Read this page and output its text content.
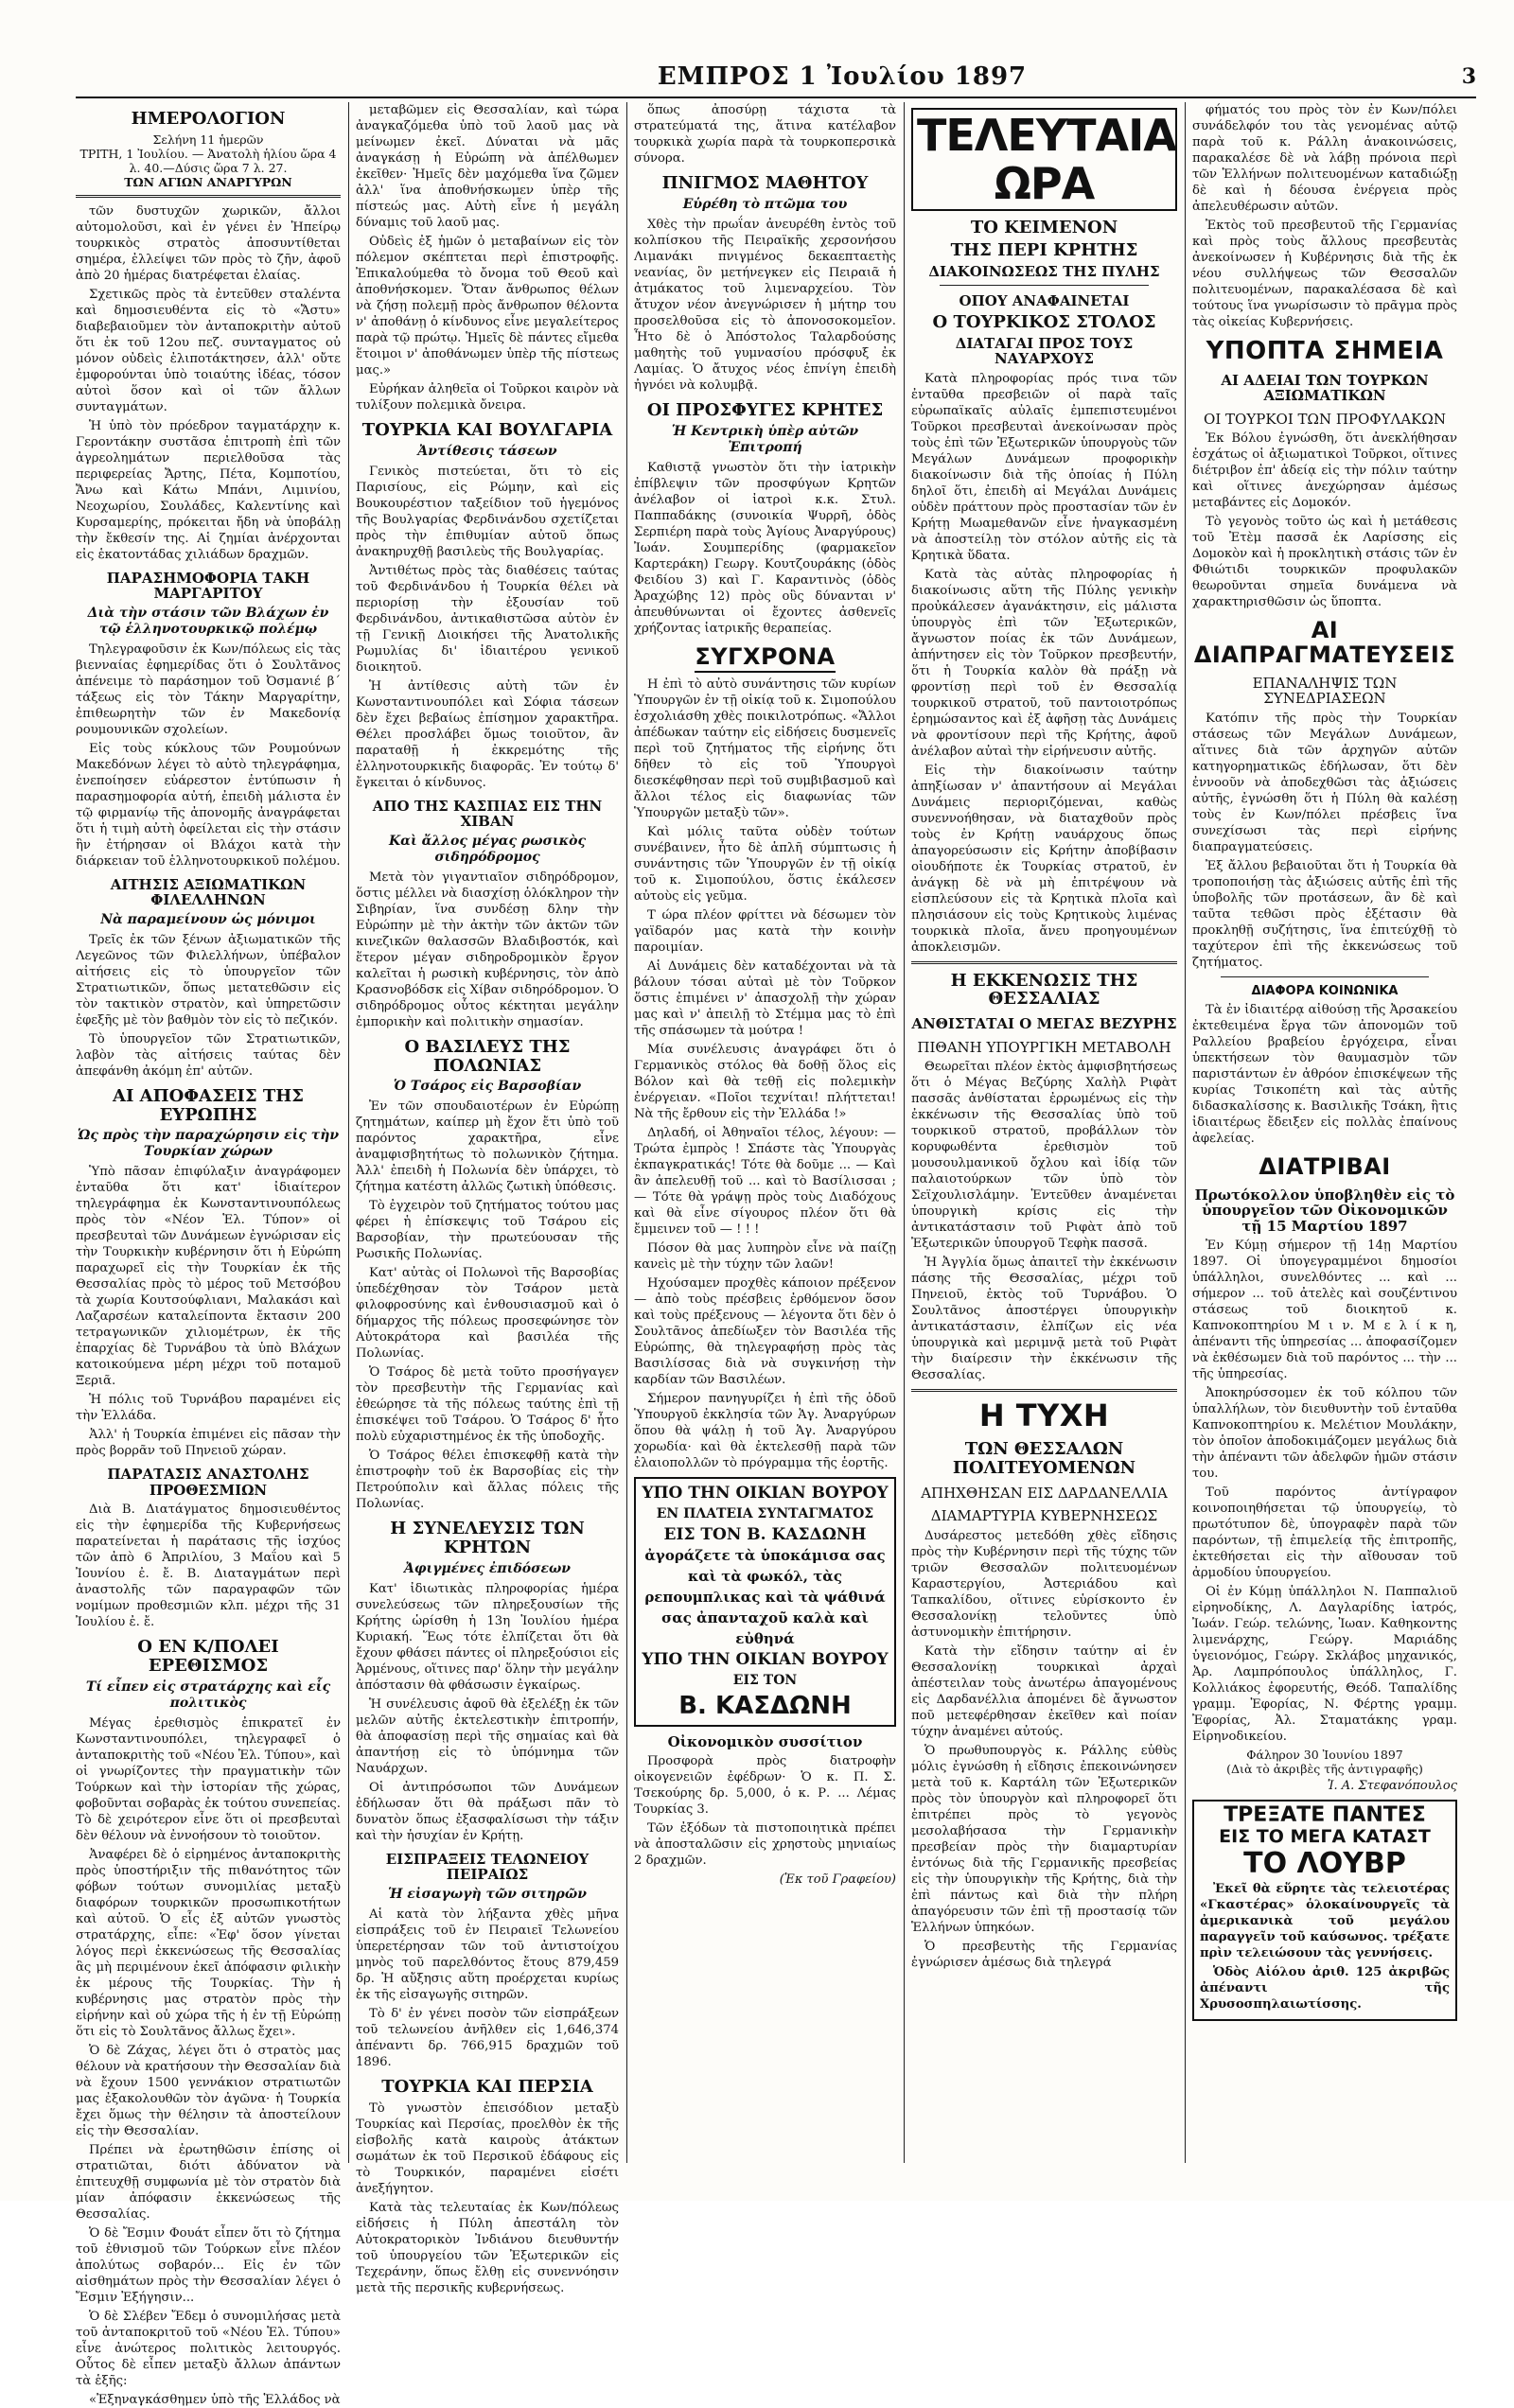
ΕΜΠΡΟΣ 1 Ἰουλίου 1897	3
ΗΜΕΡΟΛΟΓΙΟΝ
Σελήνη 11 ἡμερῶν
ΤΡΙΤΗ, 1 Ἰουλίου. — Ἀνατολὴ ἡλίου ὥρα 4 λ. 40.—Δύσις ὥρα 7 λ. 27.
ΤΩΝ ΑΓΙΩΝ ΑΝΑΡΓΥΡΩΝ

τῶν δυστυχῶν χωρικῶν, ἄλλοι αὐτομολοῦσι, καὶ ἐν γένει ἐν Ἠπείρῳ τουρκικὸς στρατὸς ἀποσυντίθεται σημέρα, ἐλλείψει τῶν πρὸς τὸ ζῆν, ἀφοῦ ἀπὸ 20 ἡμέρας διατρέφεται ἐλαίας.

Σχετικῶς πρὸς τὰ ἐντεῦθεν σταλέντα καὶ δημοσιευθέντα εἰς τὸ «Ἄστυ» διαβεβαιοῦμεν τὸν ἀνταποκριτὴν αὐτοῦ ὅτι ἐκ τοῦ 12ου πεζ. συνταγματος οὐ μόνον οὐδεὶς ἐλιποτάκτησεν, ἀλλ' οὔτε ἐμφορούνται ὑπὸ τοιαύτης ἰδέας, τόσον αὐτοὶ ὅσον καὶ οἱ τῶν ἄλλων συνταγμάτων.

Ἡ ὑπὸ τὸν πρόεδρον ταγματάρχην κ. Γεροντάκην συστᾶσα ἐπιτροπὴ ἐπὶ τῶν ἀγρεολημάτων περιελθοῦσα τὰς περιφερείας Ἄρτης, Πέτα, Κομποτίου, Ἄνω καὶ Κάτω Μπάνι, Λιμινίου, Νεοχωρίου, Σουλάδες, Καλεντίνης καὶ Κυρσαμερίης, πρόκειται ἤδη νὰ ὑποβάλῃ τὴν ἔκθεσίν της. Αἱ ζημίαι ἀνέρχονται εἰς ἑκατοντάδας χιλιάδων δραχμῶν.

ΠΑΡΑΣΗΜΟΦΟΡΙΑ ΤΑΚΗ ΜΑΡΓΑΡΙΤΟΥ
Διὰ τὴν στάσιν τῶν Βλάχων ἐν τῷ ἑλληνοτουρκικῷ πολέμῳ

Τηλεγραφοῦσιν ἐκ Κων/πόλεως εἰς τὰς βιενναίας ἐφημερίδας ὅτι ὁ Σουλτᾶνος ἀπένειμε τὸ παράσημον τοῦ Ὀσμανιέ β΄ τάξεως εἰς τὸν Τάκην Μαργαρίτην, ἐπιθεωρητὴν τῶν ἐν Μακεδονίᾳ ρουμουνικῶν σχολείων.

Εἰς τοὺς κύκλους τῶν Ρουμούνων Μακεδόνων λέγει τὸ αὐτὸ τηλεγράφημα, ἐνεποίησεν εὐάρεστον ἐντύπωσιν ἡ παρασημοφορία αὐτή, ἐπειδὴ μάλιστα ἐν τῷ φιρμανίῳ τῆς ἀπονομῆς ἀναγράφεται ὅτι ἡ τιμὴ αὐτὴ ὀφείλεται εἰς τὴν στάσιν ἣν ἐτήρησαν οἱ Βλάχοι κατὰ τὴν διάρκειαν τοῦ ἑλληνοτουρκικοῦ πολέμου.

ΑΙΤΗΣΙΣ ΑΞΙΩΜΑΤΙΚΩΝ ΦΙΛΕΛΛΗΝΩΝ
Νὰ παραμείνουν ὡς μόνιμοι

Τρεῖς ἐκ τῶν ξένων ἀξιωματικῶν τῆς Λεγεῶνος τῶν Φιλελλήνων, ὑπέβαλον αἰτήσεις εἰς τὸ ὑπουργεῖον τῶν Στρατιωτικῶν, ὅπως μετατεθῶσιν εἰς τὸν τακτικὸν στρατὸν, καὶ ὑπηρετῶσιν ἐφεξῆς μὲ τὸν βαθμὸν τὸν εἰς τὸ πεζικόν.

Τὸ ὑπουργεῖον τῶν Στρατιωτικῶν, λαβὸν τὰς αἰτήσεις ταύτας δὲν ἀπεφάνθη ἀκόμη ἐπ' αὐτῶν.

ΑΙ ΑΠΟΦΑΣΕΙΣ ΤΗΣ ΕΥΡΩΠΗΣ
Ὡς πρὸς τὴν παραχώρησιν εἰς τὴν Τουρκίαν χώρων

Ὑπὸ πᾶσαν ἐπιφύλαξιν ἀναγράφομεν ἐνταῦθα ὅτι κατ' ἰδιαίτερον τηλεγράφημα ἐκ Κωνσταντινουπόλεως πρὸς τὸν «Νέον Ἑλ. Τύπον» οἱ πρεσβευταὶ τῶν Δυνάμεων ἐγνώρισαν εἰς τὴν Τουρκικὴν κυβέρνησιν ὅτι ἡ Εὐρώπη παραχωρεῖ εἰς τὴν Τουρκίαν ἐκ τῆς Θεσσαλίας πρὸς τὸ μέρος τοῦ Μετσόβου τὰ χωρία Κουτσούφλιανι, Μαλακάσι καὶ Λαζαρσέων καταλείποντα ἔκτασιν 200 τετραγωνικῶν χιλιομέτρων, ἐκ τῆς ἐπαρχίας δὲ Τυρνάβου τὰ ὑπὸ Βλάχων κατοικούμενα μέρη μέχρι τοῦ ποταμοῦ Ξεριᾶ.

Ἡ πόλις τοῦ Τυρνάβου παραμένει εἰς τὴν Ἑλλάδα.

Ἀλλ' ἡ Τουρκία ἐπιμένει εἰς πᾶσαν τὴν πρὸς βορρᾶν τοῦ Πηνειοῦ χώραν.

ΠΑΡΑΤΑΣΙΣ ΑΝΑΣΤΟΛΗΣ ΠΡΟΘΕΣΜΙΩΝ

Διὰ Β. Διατάγματος δημοσιευθέντος εἰς τὴν ἐφημερίδα τῆς Κυβερνήσεως παρατείνεται ἡ παράτασις τῆς ἰσχύος τῶν ἀπὸ 6 Ἀπριλίου, 3 Μαΐου καὶ 5 Ἰουνίου ἐ. ἔ. Β. Διαταγμάτων περὶ ἀναστολῆς τῶν παραγραφῶν τῶν νομίμων προθεσμιῶν κλπ. μέχρι τῆς 31 Ἰουλίου ἐ. ἔ.

Ο ΕΝ Κ/ΠΟΛΕΙ ΕΡΕΘΙΣΜΟΣ
Τί εἶπεν εἰς στρατάρχης καὶ εἷς πολιτικὸς

Μέγας ἐρεθισμὸς ἐπικρατεῖ ἐν Κωνσταντινουπόλει, τηλεγραφεῖ ὁ ἀνταποκριτὴς τοῦ «Νέου Ἑλ. Τύπου», καὶ οἱ γνωρίζοντες τὴν πραγματικὴν τῶν Τούρκων καὶ τὴν ἱστορίαν τῆς χώρας, φοβοῦνται σοβαρὰς ἐκ τούτου συνεπείας. Τὸ δὲ χειρότερον εἶνε ὅτι οἱ πρεσβευταὶ δὲν θέλουν νὰ ἐννοήσουν τὸ τοιοῦτον.

Ἀναφέρει δὲ ὁ εἰρημένος ἀνταποκριτὴς πρὸς ὑποστήριξιν τῆς πιθανότητος τῶν φόβων τούτων συνομιλίας μεταξὺ διαφόρων τουρκικῶν προσωπικοτήτων καὶ αὐτοῦ. Ὁ εἷς ἐξ αὐτῶν γνωστὸς στρατάρχης, εἶπε: «Ἐφ' ὅσον γίνεται λόγος περὶ ἐκκενώσεως τῆς Θεσσαλίας ἃς μὴ περιμένουν ἐκεῖ ἀπόφασιν φιλικὴν ἐκ μέρους τῆς Τουρκίας. Τὴν ἡ κυβέρνησις μας στρατὸν πρὸς τὴν εἰρήνην καὶ οὐ χώρα τῆς ἡ ἐν τῇ Εὐρώπῃ ὅτι εἰς τὸ Σουλτᾶνος ἄλλως ἔχει».

Ὁ δὲ Ζάχας, λέγει ὅτι ὁ στρατὸς μας θέλουν νὰ κρατήσουν τὴν Θεσσαλίαν διὰ νὰ ἔχουν 1500 γεννάκιον στρατιωτῶν μας ἐξακολουθῶν τὸν ἀγῶνα· ἡ Τουρκία ἔχει ὅμως τὴν θέλησιν τὰ ἀποστείλουν εἰς τὴν Θεσσαλίαν.

Πρέπει νὰ ἐρωτηθῶσιν ἐπίσης οἱ στρατιῶται, διότι ἀδύνατον νὰ ἐπιτευχθῇ συμφωνία μὲ τὸν στρατὸν διὰ μίαν ἀπόφασιν ἐκκενώσεως τῆς Θεσσαλίας.

Ὁ δὲ Ἔσμιν Φουάτ εἶπεν ὅτι τὸ ζήτημα τοῦ ἐθνισμοῦ τῶν Τούρκων εἶνε πλέον ἀπολύτως σοβαρόν... Εἰς ἐν τῶν αἰσθημάτων πρὸς τὴν Θεσσαλίαν λέγει ὁ Ἔσμιν Ἐξήγησιν...

Ὁ δὲ Σλέβεν Ἔδεμ ὁ συνομιλήσας μετὰ τοῦ ἀνταποκριτοῦ τοῦ «Νέου Ἑλ. Τύπου» εἶνε ἀνώτερος πολιτικὸς λειτουργός. Οὗτος δὲ εἶπεν μεταξὺ ἄλλων ἀπάντων τὰ ἑξῆς:

«Ἐξηναγκάσθημεν ὑπὸ τῆς Ἑλλάδος νὰ

μεταβῶμεν εἰς Θεσσαλίαν, καὶ τώρα ἀναγκαζόμεθα ὑπὸ τοῦ λαοῦ μας νὰ μείνωμεν ἐκεῖ. Δύναται νὰ μᾶς ἀναγκάσῃ ἡ Εὐρώπη νὰ ἀπέλθωμεν ἐκεῖθεν· Ἡμεῖς δὲν μαχόμεθα ἵνα ζῶμεν ἀλλ' ἵνα ἀποθνήσκωμεν ὑπὲρ τῆς πίστεώς μας. Αὐτὴ εἶνε ἡ μεγάλη δύναμις τοῦ λαοῦ μας.

Οὐδεὶς ἐξ ἡμῶν ὁ μεταβαίνων εἰς τὸν πόλεμον σκέπτεται περὶ ἐπιστροφῆς. Ἐπικαλούμεθα τὸ ὄνομα τοῦ Θεοῦ καὶ ἀποθνήσκομεν. Ὅταν ἄνθρωπος θέλων νὰ ζήσῃ πολεμῇ πρὸς ἄνθρωπον θέλοντα ν' ἀποθάνῃ ὁ κίνδυνος εἶνε μεγαλείτερος παρὰ τῷ πρώτῳ. Ἡμεῖς δὲ πάντες εἴμεθα ἕτοιμοι ν' ἀποθάνωμεν ὑπὲρ τῆς πίστεως μας.»

Εὐρήκαν ἀληθεῖα οἱ Τοῦρκοι καιρὸν νὰ τυλίξουν πολεμικὰ ὄνειρα.

ΤΟΥΡΚΙΑ ΚΑΙ ΒΟΥΛΓΑΡΙΑ
Ἀντίθεσις τάσεων

Γενικὸς πιστεύεται, ὅτι τὸ εἰς Παρισίους, εἰς Ρώμην, καὶ εἰς Βουκουρέστιον ταξείδιον τοῦ ἡγεμόνος τῆς Βουλγαρίας Φερδινάνδου σχετίζεται πρὸς τὴν ἐπιθυμίαν αὐτοῦ ὅπως ἀνακηρυχθῇ βασιλεὺς τῆς Βουλγαρίας.

Ἀντιθέτως πρὸς τὰς διαθέσεις ταύτας τοῦ Φερδινάνδου ἡ Τουρκία θέλει νὰ περιορίσῃ τὴν ἐξουσίαν τοῦ Φερδινάνδου, ἀντικαθιστῶσα αὐτὸν ἐν τῇ Γενικῇ Διοικήσει τῆς Ἀνατολικῆς Ρωμυλίας δι' ἰδιαιτέρου γενικοῦ διοικητοῦ.

Ἡ ἀντίθεσις αὐτὴ τῶν ἐν Κωνσταντινουπόλει καὶ Σόφια τάσεων δὲν ἔχει βεβαίως ἐπίσημον χαρακτῆρα. Θέλει προσλάβει ὅμως τοιοῦτον, ἂν παραταθῇ ἡ ἐκκρεμότης τῆς ἑλληνοτουρκικῆς διαφορᾶς. Ἐν τούτῳ δ' ἔγκειται ὁ κίνδυνος.

ΑΠΟ ΤΗΣ ΚΑΣΠΙΑΣ ΕΙΣ ΤΗΝ ΧΙΒΑΝ
Καὶ ἄλλος μέγας ρωσικὸς σιδηρόδρομος

Μετὰ τὸν γιγαντιαῖον σιδηρόδρομον, ὅστις μέλλει νὰ διασχίσῃ ὁλόκληρον τὴν Σιβηρίαν, ἵνα συνδέσῃ δλην τὴν Εὐρώπην μὲ τὴν ἀκτὴν τῶν ἀκτῶν τῶν κινεζικῶν θαλασσῶν Βλαδιβοστόκ, καὶ ἕτερον μέγαν σιδηροδρομικὸν ἔργον καλεῖται ἡ ρωσικὴ κυβέρνησις, τὸν ἀπὸ Κρασνοβόδσκ εἰς Χίβαν σιδηρόδρομον. Ὁ σιδηρόδρομος οὗτος κέκτηται μεγάλην ἐμπορικὴν καὶ πολιτικὴν σημασίαν.

Ο ΒΑΣΙΛΕΥΣ ΤΗΣ ΠΟΛΩΝΙΑΣ
Ὁ Τσάρος εἰς Βαρσοβίαν

Ἐν τῶν σπουδαιοτέρων ἐν Εὐρώπῃ ζητημάτων, καίπερ μὴ ἔχον ἔτι ὑπὸ τοῦ παρόντος χαρακτῆρα, εἶνε ἀναμφισβητήτως τὸ πολωνικὸν ζήτημα. Ἀλλ' ἐπειδὴ ἡ Πολωνία δὲν ὑπάρχει, τὸ ζήτημα κατέστη ἀλλῶς ζωτικὴ ὑπόθεσις.

Τὸ ἐγχειρὸν τοῦ ζητήματος τούτου μας φέρει ἡ ἐπίσκεψις τοῦ Τσάρου εἰς Βαρσοβίαν, τὴν πρωτεύουσαν τῆς Ρωσικῆς Πολωνίας.

Κατ' αὐτὰς οἱ Πολωνοὶ τῆς Βαρσοβίας ὑπεδέχθησαν τὸν Τσάρον μετὰ φιλοφροσύνης καὶ ἐνθουσιασμοῦ καὶ ὁ δήμαρχος τῆς πόλεως προσεφώνησε τὸν Αὐτοκράτορα καὶ βασιλέα τῆς Πολωνίας.

Ὁ Τσάρος δὲ μετὰ τοῦτο προσήγαγεν τὸν πρεσβευτὴν τῆς Γερμανίας καὶ ἐθεώρησε τὰ τῆς πόλεως ταύτης ἐπὶ τῇ ἐπισκέψει τοῦ Τσάρου. Ὁ Τσάρος δ' ἦτο πολὺ εὐχαριστημένος ἐκ τῆς ὑποδοχῆς.

Ὁ Τσάρος θέλει ἐπισκεφθῇ κατὰ τὴν ἐπιστροφὴν τοῦ ἐκ Βαρσοβίας εἰς τὴν Πετρούπολιν καὶ ἄλλας πόλεις τῆς Πολωνίας.

Η ΣΥΝΕΛΕΥΣΙΣ ΤΩΝ ΚΡΗΤΩΝ
Ἀφιγμένες ἐπιδόσεων

Κατ' ἰδιωτικὰς πληροφορίας ἡμέρα συνελεύσεως τῶν πληρεξουσίων τῆς Κρήτης ὡρίσθη ἡ 13η Ἰουλίου ἡμέρα Κυριακή. Ἕως τότε ἐλπίζεται ὅτι θὰ ἔχουν φθάσει πάντες οἱ πληρεξούσιοι εἰς Ἀρμένους, οἵτινες παρ' ὅλην τὴν μεγάλην ἀπόστασιν θὰ φθάσωσιν ἐγκαίρως.

Ἡ συνέλευσις ἀφοῦ θὰ ἐξελέξῃ ἐκ τῶν μελῶν αὐτῆς ἐκτελεστικὴν ἐπιτροπήν, θὰ ἀποφασίσῃ περὶ τῆς σημαίας καὶ θὰ ἀπαντήσῃ εἰς τὸ ὑπόμνημα τῶν Ναυάρχων.

Οἱ ἀντιπρόσωποι τῶν Δυνάμεων ἐδήλωσαν ὅτι θὰ πράξωσι πᾶν τὸ δυνατὸν ὅπως ἐξασφαλίσωσι τὴν τάξιν καὶ τὴν ἡσυχίαν ἐν Κρήτῃ.

ΕΙΣΠΡΑΞΕΙΣ ΤΕΛΩΝΕΙΟΥ ΠΕΙΡΑΙΩΣ
Ἡ εἰσαγωγὴ τῶν σιτηρῶν

Αἱ κατὰ τὸν λήξαντα χθὲς μῆνα εἰσπράξεις τοῦ ἐν Πειραιεῖ Τελωνείου ὑπερετέρησαν τῶν τοῦ ἀντιστοίχου μηνὸς τοῦ παρελθόντος ἔτους 879,459 δρ. Ἡ αὔξησις αὕτη προέρχεται κυρίως ἐκ τῆς εἰσαγωγῆς σιτηρῶν.

Τὸ δ' ἐν γένει ποσὸν τῶν εἰσπράξεων τοῦ τελωνείου ἀνῆλθεν εἰς 1,646,374 ἀπέναντι δρ. 766,915 δραχμῶν τοῦ 1896.

ΤΟΥΡΚΙΑ ΚΑΙ ΠΕΡΣΙΑ

Τὸ γνωστὸν ἐπεισόδιον μεταξὺ Τουρκίας καὶ Περσίας, προελθὸν ἐκ τῆς εἰσβολῆς κατὰ καιροὺς ἀτάκτων σωμάτων ἐκ τοῦ Περσικοῦ ἐδάφους εἰς τὸ Τουρκικόν, παραμένει εἰσέτι ἀνεξήγητον.

Κατὰ τὰς τελευταίας ἐκ Κων/πόλεως εἰδήσεις ἡ Πύλη ἀπεστάλη τὸν Αὐτοκρατορικὸν Ἰνδιάνου διευθυντήν τοῦ ὑπουργείου τῶν Ἐξωτερικῶν εἰς Τεχεράνην, ὅπως ἔλθῃ εἰς συνεννόησιν μετὰ τῆς περσικῆς κυβερνήσεως.

ὅπως ἀποσύρῃ τάχιστα τὰ στρατεύματά της, ἅτινα κατέλαβον τουρκικὰ χωρία παρὰ τὰ τουρκοπερσικὰ σύνορα.

ΠΝΙΓΜΟΣ ΜΑΘΗΤΟΥ
Εὑρέθη τὸ πτῶμα του

Χθὲς τὴν πρωΐαν ἀνευρέθη ἐντὸς τοῦ κολπίσκου τῆς Πειραϊκῆς χερσονήσου Λιμανάκι πνιγμένος δεκαεπταετὴς νεανίας, ὃν μετήνεγκεν εἰς Πειραιᾶ ἡ ἀτμάκατος τοῦ λιμεναρχείου. Τὸν ἄτυχον νέον ἀνεγνώρισεν ἡ μήτηρ του προσελθοῦσα εἰς τὸ ἀπονοσοκομεῖον. Ἦτο δὲ ὁ Ἀπόστολος Ταλαρδούσης μαθητὴς τοῦ γυμνασίου πρόσφυξ ἐκ Λαμίας. Ὁ ἄτυχος νέος ἐπνίγη ἐπειδὴ ἠγνόει νὰ κολυμβᾷ.

ΟΙ ΠΡΟΣΦΥΓΕΣ ΚΡΗΤΕΣ
Ἡ Κεντρικὴ ὑπὲρ αὐτῶν Ἐπιτροπή

Καθιστᾷ γνωστὸν ὅτι τὴν ἰατρικὴν ἐπίβλεψιν τῶν προσφύγων Κρητῶν ἀνέλαβον οἱ ἰατροὶ κ.κ. Στυλ. Παππαδάκης (συνοικία Ψυρρῆ, ὁδὸς Σερπιέρη παρὰ τοὺς Ἁγίους Ἀναργύρους) Ἰωάν. Σουμπερίδης (φαρμακεῖον Καρτεράκη) Γεωργ. Κουτζουράκης (ὁδὸς Φειδίου 3) καὶ Γ. Καραντινὸς (ὁδὸς Ἀραχώβης 12) πρὸς οὓς δύνανται ν' ἀπευθύνωνται οἱ ἔχοντες ἀσθενεῖς χρήζοντας ἰατρικῆς θεραπείας.

ΣΥΓΧΡΟΝΑ

Η ἐπὶ τὸ αὐτὸ συνάντησις τῶν κυρίων Ὑπουργῶν ἐν τῇ οἰκίᾳ τοῦ κ. Σιμοπούλου ἐσχολιάσθη χθὲς ποικιλοτρόπως. «Ἄλλοι ἀπέδωκαν ταύτην εἰς εἰδήσεις δυσμενεῖς περὶ τοῦ ζητήματος τῆς εἰρήνης ὅτι δῆθεν τὸ εἰς τοῦ Ὑπουργοὶ διεσκέφθησαν περὶ τοῦ συμβιβασμοῦ καὶ ἄλλοι τέλος εἰς διαφωνίας τῶν Ὑπουργῶν μεταξὺ τῶν».

Καὶ μόλις ταῦτα οὐδὲν τούτων συνέβαινεν, ἦτο δὲ ἁπλῆ σύμπτωσις ἡ συνάντησις τῶν Ὑπουργῶν ἐν τῇ οἰκίᾳ τοῦ κ. Σιμοπούλου, ὅστις ἐκάλεσεν αὐτοὺς εἰς γεῦμα.

Τ ώρα πλέον φρίττει νὰ δέσωμεν τὸν γαϊδαρόν μας κατὰ τὴν κοινὴν παροιμίαν.

Αἱ Δυνάμεις δὲν καταδέχονται νὰ τὰ βάλουν τόσαι αὐταὶ μὲ τὸν Τοῦρκον ὅστις ἐπιμένει ν' ἀπασχολῇ τὴν χώραν μας καὶ ν' ἀπειλῇ τὸ Στέμμα μας τὸ ἐπὶ τῆς σπάσωμεν τὰ μούτρα !

Μία συνέλευσις ἀναγράφει ὅτι ὁ Γερμανικὸς στόλος θὰ δοθῇ ὅλος εἰς Βόλον καὶ θὰ τεθῇ εἰς πολεμικὴν ἐνέργειαν. «Ποῖοι τεχνίται! πλήττεται! Νὰ τῆς ἔρθουν εἰς τὴν Ἑλλάδα !»

Δηλαδή, οἱ Ἀθηναῖοι τέλος, λέγουν: — Τρώτα ἐμπρὸς ! Σπάστε τὰς Ὑπουργὰς ἐκπαγκρατικάς! Τότε θὰ δοῦμε ... — Καὶ ἂν ἀπελευθῇ τοῦ ... καὶ τὸ Βασίλισσαι ; — Τότε θὰ γράψῃ πρὸς τοὺς Διαδόχους καὶ θὰ εἶνε σίγουρος πλέον ὅτι θὰ ἔμμεινεν τοῦ — ! ! !

Πόσον θὰ μας λυπηρὸν εἶνε νὰ παίζῃ κανεὶς μὲ τὴν τύχην τῶν λαῶν!

Ηχούσαμεν προχθὲς κάποιον πρέξενον — ἀπὸ τοὺς πρέσβεις ἐρθόμενον ὅσον καὶ τοὺς πρέξενους — λέγοντα ὅτι δὲν ὁ Σουλτᾶνος ἀπεδίωξεν τὸν Βασιλέα τῆς Εὐρώπης, θὰ τηλεγραφήσῃ πρὸς τὰς Βασιλίσσας διὰ νὰ συγκινήσῃ τὴν καρδίαν τῶν Βασιλέων.

Σήμερον πανηγυρίζει ἡ ἐπὶ τῆς ὁδοῦ Ὑπουργοῦ ἐκκλησία τῶν Ἁγ. Ἀναργύρων ὅπου θὰ ψάλῃ ἡ τοῦ Ἁγ. Ἀναργύρου χορωδία· καὶ θὰ ἐκτελεσθῇ παρὰ τῶν ἐλαιοπολλῶν τὸ πρόγραμμα τῆς ἑορτῆς.

ΥΠΟ ΤΗΝ ΟΙΚΙΑΝ ΒΟΥΡΟΥ
ΕΝ ΠΛΑΤΕΙΑ ΣΥΝΤΑΓΜΑΤΟΣ
ΕΙΣ ΤΟΝ Β. ΚΑΣΔΩΝΗ
ἀγοράζετε τὰ ὑποκάμισα σας καὶ τὰ φωκόλ, τὰς ρεπουμπλικας καὶ τὰ ψάθινά σας ἀπανταχοῦ καλὰ καὶ εὐθηνά
ΥΠΟ ΤΗΝ ΟΙΚΙΑΝ ΒΟΥΡΟΥ
ΕΙΣ ΤΟΝ
Β. ΚΑΣΔΩΝΗ
Οἰκονομικὸν συσσίτιον

Προσφορὰ πρὸς διατροφὴν οἰκογενειῶν ἐφέδρων· Ὁ κ. Π. Σ. Τσεκούρης δρ. 5,000, ὁ κ. Ρ. ... Λέμας Τουρκίας 3.

Τῶν ἐξόδων τὰ πιστοποιητικὰ πρέπει νὰ ἀποσταλῶσιν εἰς χρηστοὺς μηνιαίως 2 δραχμῶν.

(Ἐκ τοῦ Γραφείου)
ΤΕΛΕΥΤΑΙΑ ΩΡΑ
ΤΟ ΚΕΙΜΕΝΟΝ
ΤΗΣ ΠΕΡΙ ΚΡΗΤΗΣ
ΔΙΑΚΟΙΝΩΣΕΩΣ ΤΗΣ ΠΥΛΗΣ
ΟΠΟΥ ΑΝΑΦΑΙΝΕΤΑΙ
Ο ΤΟΥΡΚΙΚΟΣ ΣΤΟΛΟΣ
ΔΙΑΤΑΓΑΙ ΠΡΟΣ ΤΟΥΣ ΝΑΥΑΡΧΟΥΣ

Κατὰ πληροφορίας πρός τινα τῶν ἐνταῦθα πρεσβειῶν οἱ παρὰ ταῖς εὐρωπαϊκαῖς αὐλαῖς ἐμπεπιστευμένοι Τοῦρκοι πρεσβευταὶ ἀνεκοίνωσαν πρὸς τοὺς ἐπὶ τῶν Ἐξωτερικῶν ὑπουργοὺς τῶν Μεγάλων Δυνάμεων προφορικὴν διακοίνωσιν διὰ τῆς ὁποίας ἡ Πύλη δηλοῖ ὅτι, ἐπειδὴ αἱ Μεγάλαι Δυνάμεις οὐδὲν πράττουν πρὸς προστασίαν τῶν ἐν Κρήτῃ Μωαμεθανῶν εἶνε ἠναγκασμένη νὰ ἀποστείλῃ τὸν στόλον αὐτῆς εἰς τὰ Κρητικὰ ὕδατα.

Κατὰ τὰς αὐτὰς πληροφορίας ἡ διακοίνωσις αὕτη τῆς Πύλης γενικὴν προὐκάλεσεν ἀγανάκτησιν, εἰς μάλιστα ὑπουργὸς ἐπὶ τῶν Ἐξωτερικῶν, ἄγνωστον ποίας ἐκ τῶν Δυνάμεων, ἀπήντησεν εἰς τὸν Τοῦρκον πρεσβευτήν, ὅτι ἡ Τουρκία καλὸν θὰ πράξῃ νὰ φροντίσῃ περὶ τοῦ ἐν Θεσσαλίᾳ τουρκικοῦ στρατοῦ, τοῦ παντοιοτρόπως ἐρημώσαντος καὶ ἐξ ἀφῆσῃ τὰς Δυνάμεις νὰ φροντίσουν περὶ τῆς Κρήτης, ἀφοῦ ἀνέλαβον αὐταὶ τὴν εἰρήνευσιν αὐτῆς.

Εἰς τὴν διακοίνωσιν ταύτην ἀπηξίωσαν ν' ἀπαντήσουν αἱ Μεγάλαι Δυνάμεις περιοριζόμεναι, καθὼς συνεννοήθησαν, νὰ διαταχθοῦν πρὸς τοὺς ἐν Κρήτῃ ναυάρχους ὅπως ἀπαγορεύσωσιν εἰς Κρήτην ἀποβίβασιν οἱουδήποτε ἐκ Τουρκίας στρατοῦ, ἐν ἀνάγκῃ δὲ νὰ μὴ ἐπιτρέψουν νὰ εἰσπλεύσουν εἰς τὰ Κρητικὰ πλοῖα καὶ πλησιάσουν εἰς τοὺς Κρητικοὺς λιμένας τουρκικὰ πλοῖα, ἄνευ προηγουμένων ἀποκλεισμῶν.

Η ΕΚΚΕΝΩΣΙΣ ΤΗΣ ΘΕΣΣΑΛΙΑΣ
ΑΝΘΙΣΤΑΤΑΙ Ο ΜΕΓΑΣ ΒΕΖΥΡΗΣ
ΠΙΘΑΝΗ ΥΠΟΥΡΓΙΚΗ ΜΕΤΑΒΟΛΗ

Θεωρεῖται πλέον ἐκτὸς ἀμφισβητήσεως ὅτι ὁ Μέγας Βεζύρης Χαλὴλ Ριφὰτ πασσᾶς ἀνθίσταται ἐρρωμένως εἰς τὴν ἐκκένωσιν τῆς Θεσσαλίας ὑπὸ τοῦ τουρκικοῦ στρατοῦ, προβάλλων τὸν κορυφωθέντα ἐρεθισμὸν τοῦ μουσουλμανικοῦ ὄχλου καὶ ἰδίᾳ τῶν παλαιοτούρκων τῶν ὑπὸ τὸν Σεϊχουλισλάμην. Ἐντεῦθεν ἀναμένεται ὑπουργικὴ κρίσις εἰς τὴν ἀντικατάστασιν τοῦ Ριφὰτ ἀπὸ τοῦ Ἐξωτερικῶν ὑπουργοῦ Τεφὴκ πασσᾶ.

Ἡ Ἀγγλία ὅμως ἀπαιτεῖ τὴν ἐκκένωσιν πάσης τῆς Θεσσαλίας, μέχρι τοῦ Πηνειοῦ, ἐκτὸς τοῦ Τυρνάβου. Ὁ Σουλτᾶνος ἀποστέργει ὑπουργικὴν ἀντικατάστασιν, ἐλπίζων εἰς νέα ὑπουργικὰ καὶ μεριμνᾷ μετὰ τοῦ Ριφὰτ τὴν διαίρεσιν τὴν ἐκκένωσιν τῆς Θεσσαλίας.

Η ΤΥΧΗ
ΤΩΝ ΘΕΣΣΑΛΩΝ ΠΟΛΙΤΕΥΟΜΕΝΩΝ
ΑΠΗΧΘΗΣΑΝ ΕΙΣ ΔΑΡΔΑΝΕΛΛΙΑ
ΔΙΑΜΑΡΤΥΡΙΑ ΚΥΒΕΡΝΗΣΕΩΣ

Δυσάρεστος μετεδόθη χθὲς εἴδησις πρὸς τὴν Κυβέρνησιν περὶ τῆς τύχης τῶν τριῶν Θεσσαλῶν πολιτευομένων Καραστεργίου, Ἀστεριάδου καὶ Ταπκαλίδου, οἵτινες εὑρίσκοντο ἐν Θεσσαλονίκῃ τελοῦντες ὑπὸ ἀστυνομικὴν ἐπιτήρησιν.

Κατὰ τὴν εἴδησιν ταύτην αἱ ἐν Θεσσαλονίκῃ τουρκικαὶ ἀρχαὶ ἀπέστειλαν τοὺς ἀνωτέρω ἀπαγομένους εἰς Δαρδανέλλια ἀπομένει δὲ ἄγνωστον ποῦ μετεφέρθησαν ἐκεῖθεν καὶ ποίαν τύχην ἀναμένει αὐτούς.

Ὁ πρωθυπουργὸς κ. Ράλλης εὐθὺς μόλις ἐγνώσθη ἡ εἴδησις ἐπεκοινώνησεν μετὰ τοῦ κ. Καρτάλη τῶν Ἐξωτερικῶν πρὸς τὸν ὑπουργὸν καὶ πληροφορεῖ ὅτι ἐπιτρέπει πρὸς τὸ γεγονὸς μεσολαβήσασα τὴν Γερμανικὴν πρεσβείαν πρὸς τὴν διαμαρτυρίαν ἐντόνως διὰ τῆς Γερμανικῆς πρεσβείας εἰς τὴν ὑπουργικὴν τῆς Κρήτης, διὰ τὴν ἐπὶ πάντως καὶ διὰ τὴν πλήρη ἀπαγόρευσιν τῶν ἐπὶ τῇ προστασίᾳ τῶν Ἑλλήνων ὑπηκόων.

Ὁ πρεσβευτὴς τῆς Γερμανίας ἐγνώρισεν ἀμέσως διὰ τηλεγρά

φήματός του πρὸς τὸν ἐν Κων/πόλει συνάδελφόν του τὰς γενομένας αὐτῷ παρὰ τοῦ κ. Ράλλη ἀνακοινώσεις, παρακαλέσε δὲ νὰ λάβῃ πρόνοια περὶ τῶν Ἑλλήνων πολιτευομένων καταδιώξῃ δὲ καὶ ἡ δέουσα ἐνέργεια πρὸς ἀπελευθέρωσιν αὐτῶν.

Ἐκτὸς τοῦ πρεσβευτοῦ τῆς Γερμανίας καὶ πρὸς τοὺς ἄλλους πρεσβευτὰς ἀνεκοίνωσεν ἡ Κυβέρνησις διὰ τῆς ἐκ νέου συλλήψεως τῶν Θεσσαλῶν πολιτευομένων, παρακαλέσασα δὲ καὶ τούτους ἵνα γνωρίσωσιν τὸ πρᾶγμα πρὸς τὰς οἰκείας Κυβερνήσεις.

ΥΠΟΠΤΑ ΣΗΜΕΙΑ
ΑΙ ΑΔΕΙΑΙ ΤΩΝ ΤΟΥΡΚΩΝ ΑΞΙΩΜΑΤΙΚΩΝ
ΟΙ ΤΟΥΡΚΟΙ ΤΩΝ ΠΡΟΦΥΛΑΚΩΝ

Ἐκ Βόλου ἐγνώσθη, ὅτι ἀνεκλήθησαν ἐσχάτως οἱ ἀξιωματικοὶ Τοῦρκοι, οἵτινες διέτριβον ἐπ' ἀδείᾳ εἰς τὴν πόλιν ταύτην καὶ οἵτινες ἀνεχώρησαν ἀμέσως μεταβάντες εἰς Δομοκόν.

Τὸ γεγονὸς τοῦτο ὡς καὶ ἡ μετάθεσις τοῦ Ἐτὲμ πασσᾶ ἐκ Λαρίσσης εἰς Δομοκὸν καὶ ἡ προκλητικὴ στάσις τῶν ἐν Φθιώτιδι τουρκικῶν προφυλακῶν θεωροῦνται σημεῖα δυνάμενα νὰ χαρακτηρισθῶσιν ὡς ὕποπτα.

ΑΙ ΔΙΑΠΡΑΓΜΑΤΕΥΣΕΙΣ
ΕΠΑΝΑΛΗΨΙΣ ΤΩΝ ΣΥΝΕΔΡΙΑΣΕΩΝ

Κατόπιν τῆς πρὸς τὴν Τουρκίαν στάσεως τῶν Μεγάλων Δυνάμεων, αἵτινες διὰ τῶν ἀρχηγῶν αὐτῶν κατηγορηματικῶς ἐδήλωσαν, ὅτι δὲν ἐννοοῦν νὰ ἀποδεχθῶσι τὰς ἀξιώσεις αὐτῆς, ἐγνώσθη ὅτι ἡ Πύλη θὰ καλέσῃ τοὺς ἐν Κων/πόλει πρέσβεις ἵνα συνεχίσωσι τὰς περὶ εἰρήνης διαπραγματεύσεις.

Ἐξ ἄλλου βεβαιοῦται ὅτι ἡ Τουρκία θὰ τροποποιήσῃ τὰς ἀξιώσεις αὐτῆς ἐπὶ τῆς ὑποβολῆς τῶν προτάσεων, ἂν δὲ καὶ ταῦτα τεθῶσι πρὸς ἐξέτασιν θὰ προκληθῇ συζήτησις, ἵνα ἐπιτεύχθῇ τὸ ταχύτερον ἐπὶ τῆς ἐκκενώσεως τοῦ ζητήματος.

ΔΙΑΦΟΡΑ ΚΟΙΝΩΝΙΚΑ

Τὰ ἐν ἰδιαιτέρᾳ αἰθούσῃ τῆς Ἀρσακείου ἐκτεθειμένα ἔργα τῶν ἀπονομῶν τοῦ Ραλλείου βραβείου ἐργόχειρα, εἶναι ὑπεκτήσεων τὸν θαυμασμὸν τῶν παριστάντων ἐν ἀθρόον ἐπισκέψεων τῆς κυρίας Τσικοπέτη καὶ τὰς αὐτῆς διδασκαλίσσης κ. Βασιλικῆς Τσάκη, ἣτις ἰδιαιτέρως ἔδειξεν εἰς πολλὰς ἐπαίνους ἀφελείας.

ΔΙΑΤΡΙΒΑΙ
Πρωτόκολλον ὑποβληθὲν εἰς τὸ ὑπουργεῖον τῶν Οἰκονομικῶν τῇ 15 Μαρτίου 1897

Ἐν Κύμῃ σήμερον τῇ 14ῃ Μαρτίου 1897. Οἱ ὑπογεγραμμένοι δημοσίοι ὑπάλληλοι, συνελθόντες ... καὶ ... σήμερον ... τοῦ ἀτελὲς καὶ σουζέντινου στάσεως τοῦ διοικητοῦ κ. Καπνοκοπτηρίου Μ ι ν. Μ ε λ ί κ η, ἀπέναντι τῆς ὑπηρεσίας ... ἀποφασίζομεν νὰ ἐκθέσωμεν διὰ τοῦ παρόντος ... τὴν ... τῆς ὑπηρεσίας.

Ἀποκηρύσσομεν ἐκ τοῦ κόλπου τῶν ὑπαλλήλων, τὸν διευθυντὴν τοῦ ἐνταῦθα Καπνοκοπτηρίου κ. Μελέτιον Μουλάκην, τὸν ὁποῖον ἀποδοκιμάζομεν μεγάλως διὰ τὴν ἀπέναντι τῶν ἀδελφῶν ἡμῶν στάσιν του.

Τοῦ παρόντος ἀντίγραφον κοινοποιηθήσεται τῷ ὑπουργείῳ, τὸ πρωτότυπον δὲ, ὑπογραφὲν παρὰ τῶν παρόντων, τῇ ἐπιμελείᾳ τῆς ἐπιτροπῆς, ἐκτεθήσεται εἰς τὴν αἴθουσαν τοῦ ἀρμοδίου ὑπουργείου.

Οἱ ἐν Κύμῃ ὑπάλληλοι Ν. Παππαλιοῦ εἰρηνοδίκης, Λ. Δαγλαρίδης ἰατρός, Ἰωάν. Γεώρ. τελώνης, Ἰωαν. Καθηκοντης λιμενάρχης, Γεώργ. Μαριάδης ὑγειονόμος, Γεώργ. Σκλάβος μηχανικός, Ἀρ. Λαμπρόπουλος ὑπάλληλος, Γ. Κολλιάκος ἐφορευτής, Θεόδ. Ταπαλίδης γραμμ. Ἐφορίας, Ν. Φέρτης γραμμ. Ἐφορίας, Ἀλ. Σταματάκης γραμ. Εἰρηνοδικείου.

Φάληρον 30 Ἰουνίου 1897
(Διὰ τὸ ἀκριβὲς τῆς ἀντιγραφῆς)
Ἰ. Α. Στεφανόπουλος
ΤΡΕΞΑΤΕ ΠΑΝΤΕΣ
ΕΙΣ ΤΟ ΜΕΓΑ ΚΑΤΑΣΤ
ΤΟ ΛΟΥΒΡ

Ἐκεῖ θὰ εὕρητε τὰς τελειοτέρας «Γκαστέρας» ὁλοκαίνουργεῖς τὰ ἀμερικανικὰ τοῦ μεγάλου παραγγεῖν τοῦ καύσωνος. τρέξατε πρὶν τελειώσουν τὰς γεννήσεις.

Ὁδὸς Αἰόλου ἀριθ. 125 ἀκριβῶς ἀπέναντι τῆς Χρυσοσπηλαιωτίσσης.
